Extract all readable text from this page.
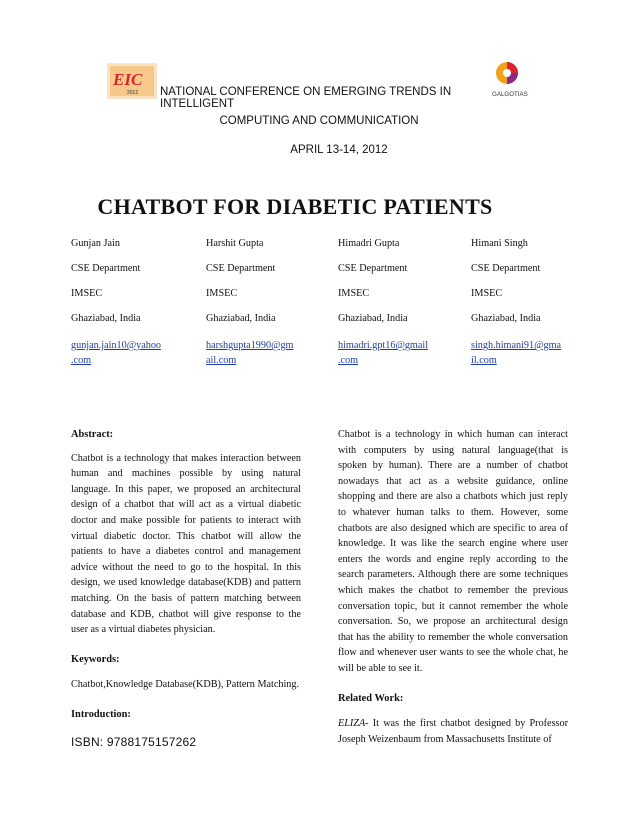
EIC
2012	GALGOTIAS
NATIONAL CONFERENCE ON EMERGING TRENDS IN INTELLIGENT
COMPUTING AND COMMUNICATION
APRIL 13-14, 2012
CHATBOT FOR DIABETIC PATIENTS
Gunjan Jain
CSE Department
IMSEC
Ghaziabad, India
gunjan.jain10@yahoo
.com
Harshit Gupta
CSE Department
IMSEC
Ghaziabad, India
harshgupta1990@gm
ail.com
Himadri Gupta
CSE Department
IMSEC
Ghaziabad, India
himadri.gpt16@gmail
.com
Himani Singh
CSE Department
IMSEC
Ghaziabad, India
singh.himani91@gma
il.com
Abstract:
Chatbot is a technology that makes interaction between human and machines possible by using natural language. In this paper, we proposed an architectural design of a chatbot that will act as a virtual diabetic doctor and make possible for patients to interact with virtual diabetic doctor. This chatbot will allow the patients to have a diabetes control and management advice without the need to go to the hospital. In this design, we used knowledge database(KDB) and pattern matching. On the basis of pattern matching between database and KDB, chatbot will give response to the user as a virtual diabetes physician.
Keywords:
Chatbot,Knowledge Database(KDB), Pattern Matching.
Introduction:
Chatbot is a technology in which human can interact with computers by using natural language(that is spoken by human). There are a number of chatbot nowadays that act as a website guidance, online shopping and there are also a chatbots which just reply to whatever human talks to them. However, some chatbots are also designed which are specific to area of knowledge. It was like the search engine where user enters the words and engine reply according to the search parameters. Although there are some techniques which makes the chatbot to remember the previous conversation topic, but it cannot remember the whole conversation. So, we propose an architectural design that has the ability to remember the whole conversation flow and whenever user wants to see the whole chat, he will be able to see it.
Related Work:
ELIZA- It was the first chatbot designed by Professor Joseph Weizenbaum from Massachusetts Institute of
ISBN: 9788175157262
